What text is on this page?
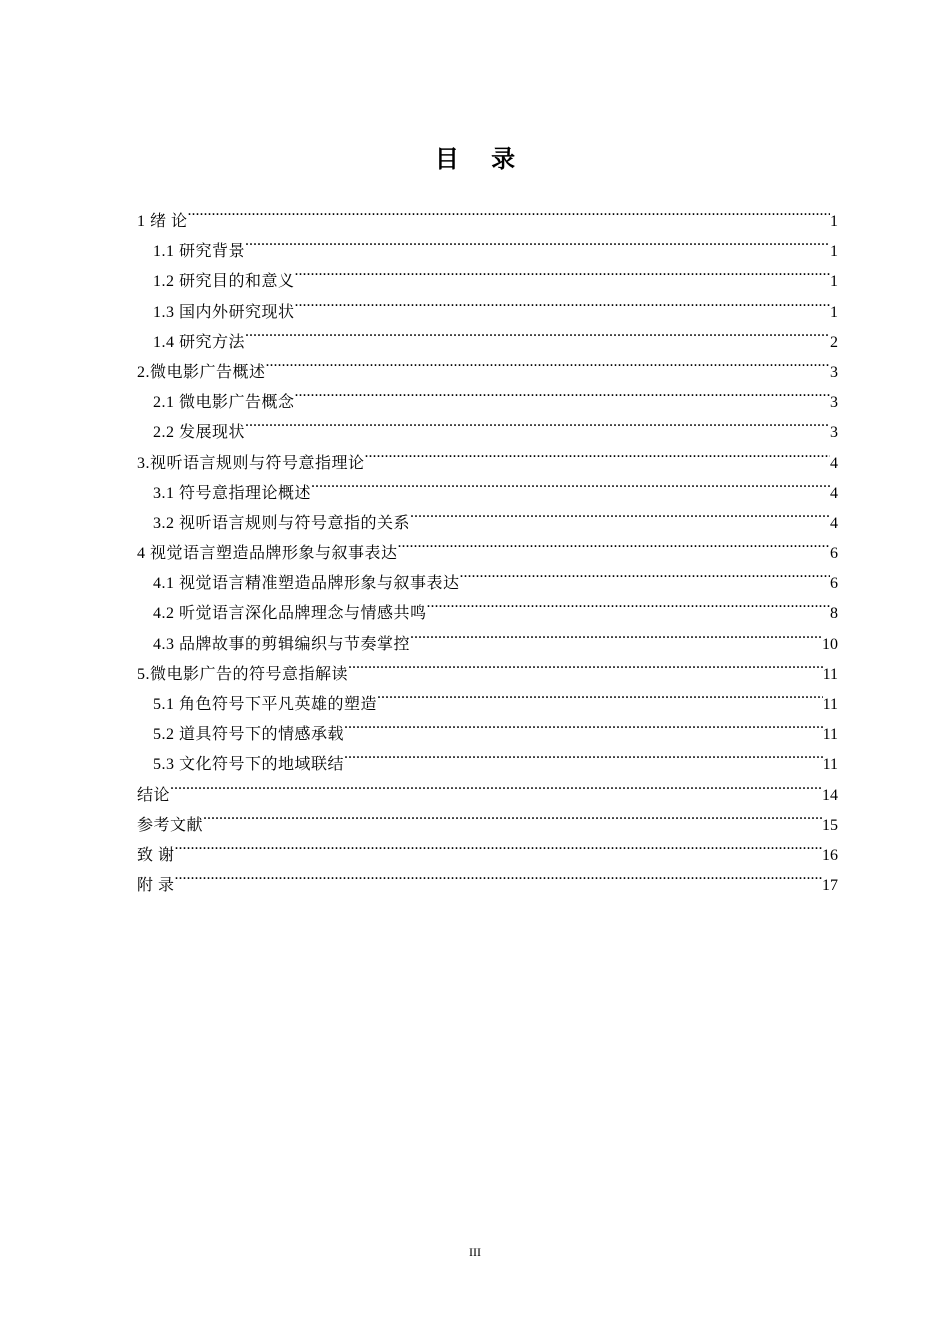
目 录
1 绪 论 .....	1
1.1 研究背景 .....	1
1.2 研究目的和意义 .....	1
1.3 国内外研究现状 .....	1
1.4 研究方法 .....	2
2.微电影广告概述 .....	3
2.1 微电影广告概念 .....	3
2.2 发展现状 .....	3
3.视听语言规则与符号意指理论 .....	4
3.1 符号意指理论概述 .....	4
3.2 视听语言规则与符号意指的关系 .....	4
4 视觉语言塑造品牌形象与叙事表达 .....	6
4.1 视觉语言精准塑造品牌形象与叙事表达 .....	6
4.2 听觉语言深化品牌理念与情感共鸣 .....	8
4.3 品牌故事的剪辑编织与节奏掌控 .....	10
5.微电影广告的符号意指解读 .....	11
5.1 角色符号下平凡英雄的塑造 .....	11
5.2 道具符号下的情感承载 .....	11
5.3 文化符号下的地域联结 .....	11
结论 .....	14
参考文献 .....	15
致 谢 .....	16
附 录 .....	17
III
